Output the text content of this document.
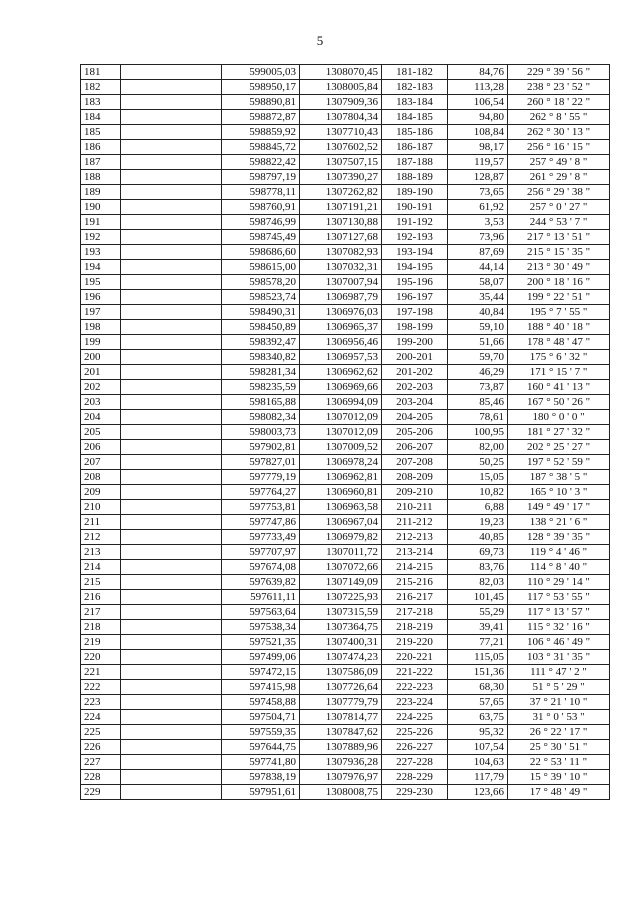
5
181		599005,03	1308070,45	181-182	84,76	229 ° 39 ' 56 "
182		598950,17	1308005,84	182-183	113,28	238 ° 23 ' 52 "
183		598890,81	1307909,36	183-184	106,54	260 ° 18 ' 22 "
184		598872,87	1307804,34	184-185	94,80	262 ° 8 ' 55 "
185		598859,92	1307710,43	185-186	108,84	262 ° 30 ' 13 "
186		598845,72	1307602,52	186-187	98,17	256 ° 16 ' 15 "
187		598822,42	1307507,15	187-188	119,57	257 ° 49 ' 8 "
188		598797,19	1307390,27	188-189	128,87	261 ° 29 ' 8 "
189		598778,11	1307262,82	189-190	73,65	256 ° 29 ' 38 "
190		598760,91	1307191,21	190-191	61,92	257 ° 0 ' 27 "
191		598746,99	1307130,88	191-192	3,53	244 ° 53 ' 7 "
192		598745,49	1307127,68	192-193	73,96	217 ° 13 ' 51 "
193		598686,60	1307082,93	193-194	87,69	215 ° 15 ' 35 "
194		598615,00	1307032,31	194-195	44,14	213 ° 30 ' 49 "
195		598578,20	1307007,94	195-196	58,07	200 ° 18 ' 16 "
196		598523,74	1306987,79	196-197	35,44	199 ° 22 ' 51 "
197		598490,31	1306976,03	197-198	40,84	195 ° 7 ' 55 "
198		598450,89	1306965,37	198-199	59,10	188 ° 40 ' 18 "
199		598392,47	1306956,46	199-200	51,66	178 ° 48 ' 47 "
200		598340,82	1306957,53	200-201	59,70	175 ° 6 ' 32 "
201		598281,34	1306962,62	201-202	46,29	171 ° 15 ' 7 "
202		598235,59	1306969,66	202-203	73,87	160 ° 41 ' 13 "
203		598165,88	1306994,09	203-204	85,46	167 ° 50 ' 26 "
204		598082,34	1307012,09	204-205	78,61	180 ° 0 ' 0 "
205		598003,73	1307012,09	205-206	100,95	181 ° 27 ' 32 "
206		597902,81	1307009,52	206-207	82,00	202 ° 25 ' 27 "
207		597827,01	1306978,24	207-208	50,25	197 ° 52 ' 59 "
208		597779,19	1306962,81	208-209	15,05	187 ° 38 ' 5 "
209		597764,27	1306960,81	209-210	10,82	165 ° 10 ' 3 "
210		597753,81	1306963,58	210-211	6,88	149 ° 49 ' 17 "
211		597747,86	1306967,04	211-212	19,23	138 ° 21 ' 6 "
212		597733,49	1306979,82	212-213	40,85	128 ° 39 ' 35 "
213		597707,97	1307011,72	213-214	69,73	119 ° 4 ' 46 "
214		597674,08	1307072,66	214-215	83,76	114 ° 8 ' 40 "
215		597639,82	1307149,09	215-216	82,03	110 ° 29 ' 14 "
216		597611,11	1307225,93	216-217	101,45	117 ° 53 ' 55 "
217		597563,64	1307315,59	217-218	55,29	117 ° 13 ' 57 "
218		597538,34	1307364,75	218-219	39,41	115 ° 32 ' 16 "
219		597521,35	1307400,31	219-220	77,21	106 ° 46 ' 49 "
220		597499,06	1307474,23	220-221	115,05	103 ° 31 ' 35 "
221		597472,15	1307586,09	221-222	151,36	111 ° 47 ' 2 "
222		597415,98	1307726,64	222-223	68,30	51 ° 5 ' 29 "
223		597458,88	1307779,79	223-224	57,65	37 ° 21 ' 10 "
224		597504,71	1307814,77	224-225	63,75	31 ° 0 ' 53 "
225		597559,35	1307847,62	225-226	95,32	26 ° 22 ' 17 "
226		597644,75	1307889,96	226-227	107,54	25 ° 30 ' 51 "
227		597741,80	1307936,28	227-228	104,63	22 ° 53 ' 11 "
228		597838,19	1307976,97	228-229	117,79	15 ° 39 ' 10 "
229		597951,61	1308008,75	229-230	123,66	17 ° 48 ' 49 "
